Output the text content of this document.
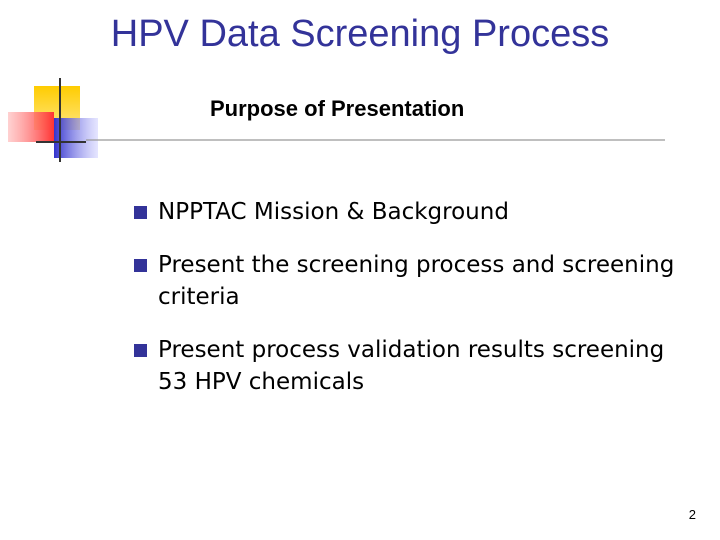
HPV Data Screening Process
Purpose of Presentation
NPPTAC Mission & Background
Present the screening process and screening criteria
Present process validation results screening 53 HPV chemicals
2
